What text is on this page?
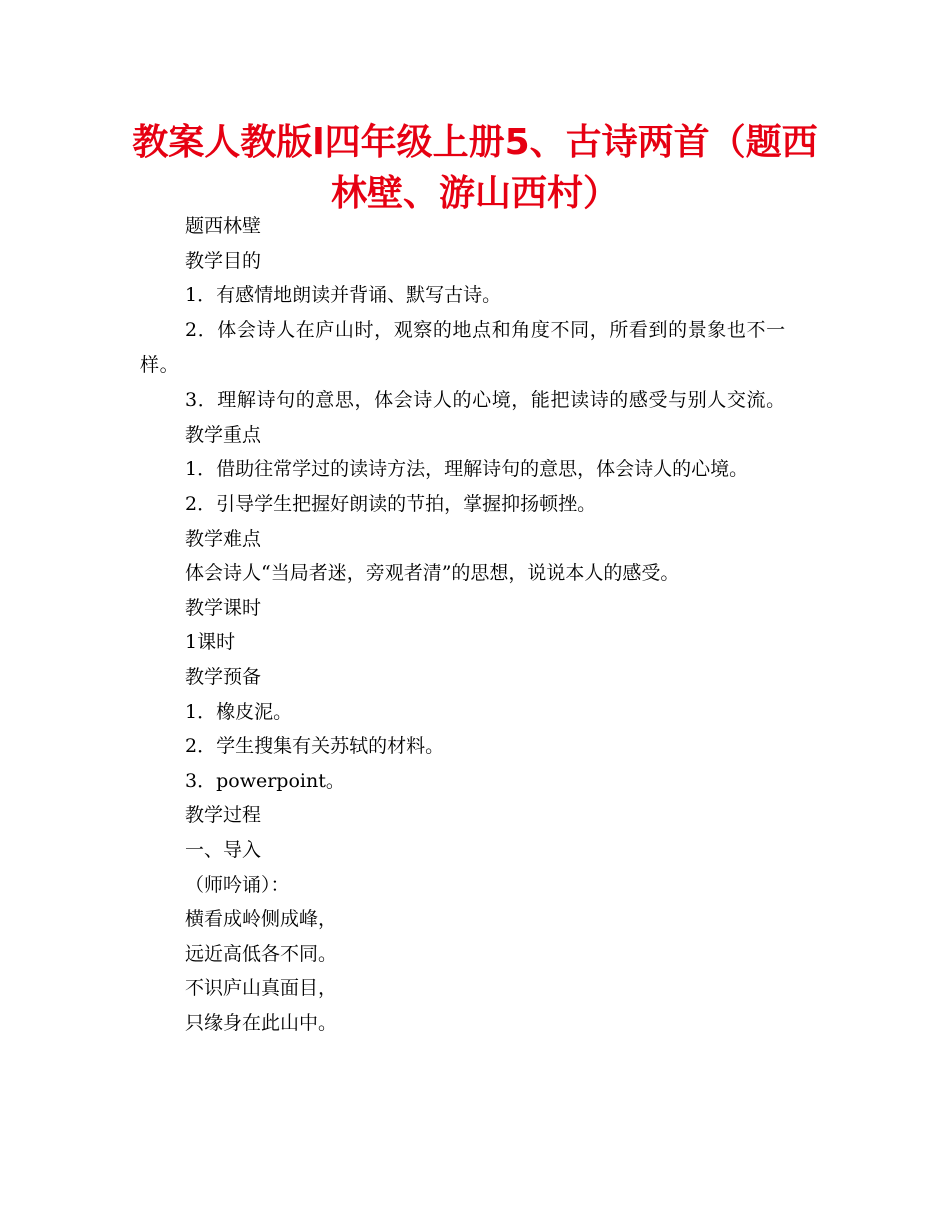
教案人教版l四年级上册5、古诗两首（题西林壁、游山西村）
题西林壁
教学目的
1．有感情地朗读并背诵、默写古诗。
2．体会诗人在庐山时，观察的地点和角度不同，所看到的景象也不一样。
3．理解诗句的意思，体会诗人的心境，能把读诗的感受与别人交流。
教学重点
1．借助往常学过的读诗方法，理解诗句的意思，体会诗人的心境。
2．引导学生把握好朗读的节拍，掌握抑扬顿挫。
教学难点
体会诗人“当局者迷，旁观者清”的思想，说说本人的感受。
教学课时
1课时
教学预备
1．橡皮泥。
2．学生搜集有关苏轼的材料。
3．powerpoint。
教学过程
一、导入
（师吟诵）：
横看成岭侧成峰，
远近高低各不同。
不识庐山真面目，
只缘身在此山中。
